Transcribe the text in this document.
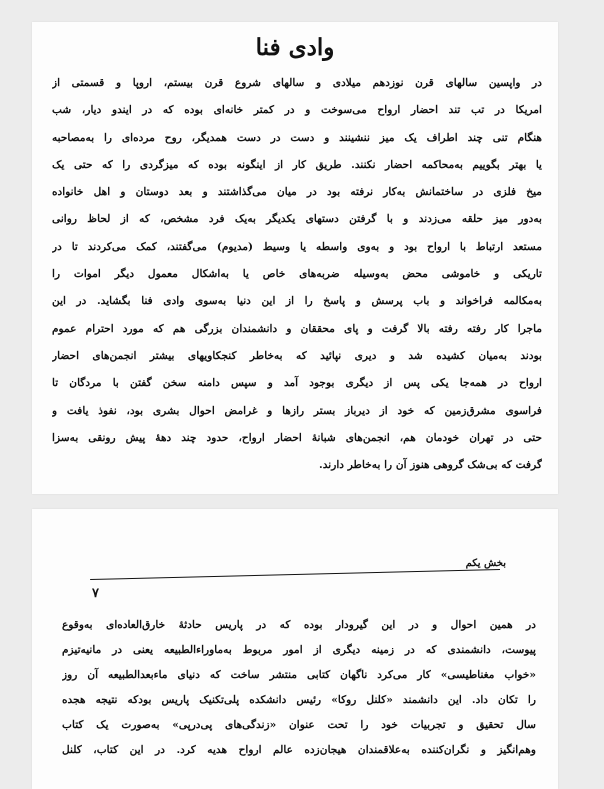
وادی فنا
در واپسین سالهای قرن نوزدهم میلادی و سالهای شروع قرن بیستم، اروپا و قسمتی از
امریکا در تب تند احضار ارواح می‌سوخت و در کمتر خانه‌ای بوده که در ایندو دیار، شب
هنگام تنی چند اطراف یک میز ننشینند و دست در دست همدیگر، روح مرده‌ای را به‌مصاحبه
یا بهتر بگوییم به‌محاکمه احضار نکنند. طریق کار از اینگونه بوده که میزگردی را که حتی یک
میخ فلزی در ساختمانش به‌کار نرفته بود در میان می‌گذاشتند و بعد دوستان و اهل خانواده
به‌دور میز حلقه می‌زدند و با گرفتن دستهای یکدیگر به‌یک فرد مشخص، که از لحاظ روانی
مستعد ارتباط با ارواح بود و به‌وی واسطه یا وسیط (مدیوم) می‌گفتند، کمک می‌کردند تا در
تاریکی و خاموشی محض به‌وسیله ضربه‌های خاص یا به‌اشکال معمول دیگر اموات را
به‌مکالمه فراخواند و باب پرسش و پاسخ را از این دنیا به‌سوی وادی فنا بگشاید. در این
ماجرا کار رفته رفته بالا گرفت و پای محققان و دانشمندان بزرگی هم که مورد احترام عموم
بودند به‌میان کشیده شد و دیری نپائید که به‌خاطر کنجکاویهای بیشتر انجمن‌های احضار
ارواح در همه‌جا یکی پس از دیگری بوجود آمد و سپس دامنه سخن گفتن با مردگان تا
فراسوی مشرق‌زمین که خود از دیرباز بستر رازها و غرامض احوال بشری بود، نفوذ یافت و
حتی در تهران خودمان هم، انجمن‌های شبانهٔ احضار ارواح، حدود چند دههٔ پیش رونقی به‌سزا
گرفت که بی‌شک گروهی هنوز آن را به‌خاطر دارند.
بخش یکم
۷
در همین احوال و در این گیرودار بوده که در پاریس حادثهٔ خارق‌العاده‌ای به‌وقوع
پیوست، دانشمندی که در زمینه دیگری از امور مربوط به‌ماوراءالطبیعه یعنی در مانیه‌تیزم
«خواب مغناطیسی» کار می‌کرد ناگهان کتابی منتشر ساخت که دنیای ماءبعدالطبیعه آن روز
را تکان داد. این دانشمند «کلنل روکا» رئیس دانشکده پلی‌تکنیک پاریس بودکه نتیجه هجده
سال تحقیق و تجربیات خود را تحت عنوان «زندگی‌های پی‌درپی» به‌صورت یک کتاب
وهم‌انگیز و نگران‌کننده به‌علاقمندان هیجان‌زده عالم ارواح هدیه کرد. در این کتاب، کلنل
